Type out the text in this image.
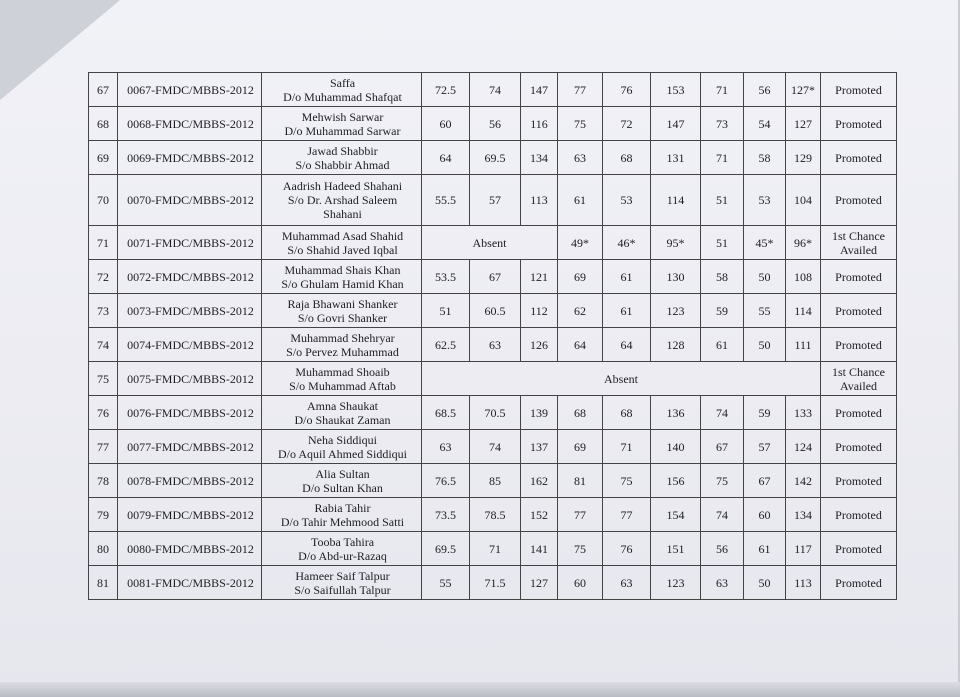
67	0067-FMDC/MBBS-2012	Saffa
D/o Muhammad Shafqat	72.5	74	147	77	76	153	71	56	127*	Promoted
68	0068-FMDC/MBBS-2012	Mehwish Sarwar
D/o Muhammad Sarwar	60	56	116	75	72	147	73	54	127	Promoted
69	0069-FMDC/MBBS-2012	Jawad Shabbir
S/o Shabbir Ahmad	64	69.5	134	63	68	131	71	58	129	Promoted
70	0070-FMDC/MBBS-2012	Aadrish Hadeed Shahani
S/o Dr. Arshad Saleem
Shahani	55.5	57	113	61	53	114	51	53	104	Promoted
71	0071-FMDC/MBBS-2012	Muhammad Asad Shahid
S/o Shahid Javed Iqbal	Absent			49*	46*	95*	51	45*	96*	1st Chance Availed
72	0072-FMDC/MBBS-2012	Muhammad Shais Khan
S/o Ghulam Hamid Khan	53.5	67	121	69	61	130	58	50	108	Promoted
73	0073-FMDC/MBBS-2012	Raja Bhawani Shanker
S/o Govri Shanker	51	60.5	112	62	61	123	59	55	114	Promoted
74	0074-FMDC/MBBS-2012	Muhammad Shehryar
S/o Pervez Muhammad	62.5	63	126	64	64	128	61	50	111	Promoted
75	0075-FMDC/MBBS-2012	Muhammad Shoaib
S/o Muhammad Aftab	Absent									1st Chance Availed
76	0076-FMDC/MBBS-2012	Amna Shaukat
D/o Shaukat Zaman	68.5	70.5	139	68	68	136	74	59	133	Promoted
77	0077-FMDC/MBBS-2012	Neha Siddiqui
D/o Aquil Ahmed Siddiqui	63	74	137	69	71	140	67	57	124	Promoted
78	0078-FMDC/MBBS-2012	Alia Sultan
D/o Sultan Khan	76.5	85	162	81	75	156	75	67	142	Promoted
79	0079-FMDC/MBBS-2012	Rabia Tahir
D/o Tahir Mehmood Satti	73.5	78.5	152	77	77	154	74	60	134	Promoted
80	0080-FMDC/MBBS-2012	Tooba Tahira
D/o Abd-ur-Razaq	69.5	71	141	75	76	151	56	61	117	Promoted
81	0081-FMDC/MBBS-2012	Hameer Saif Talpur
S/o Saifullah Talpur	55	71.5	127	60	63	123	63	50	113	Promoted
